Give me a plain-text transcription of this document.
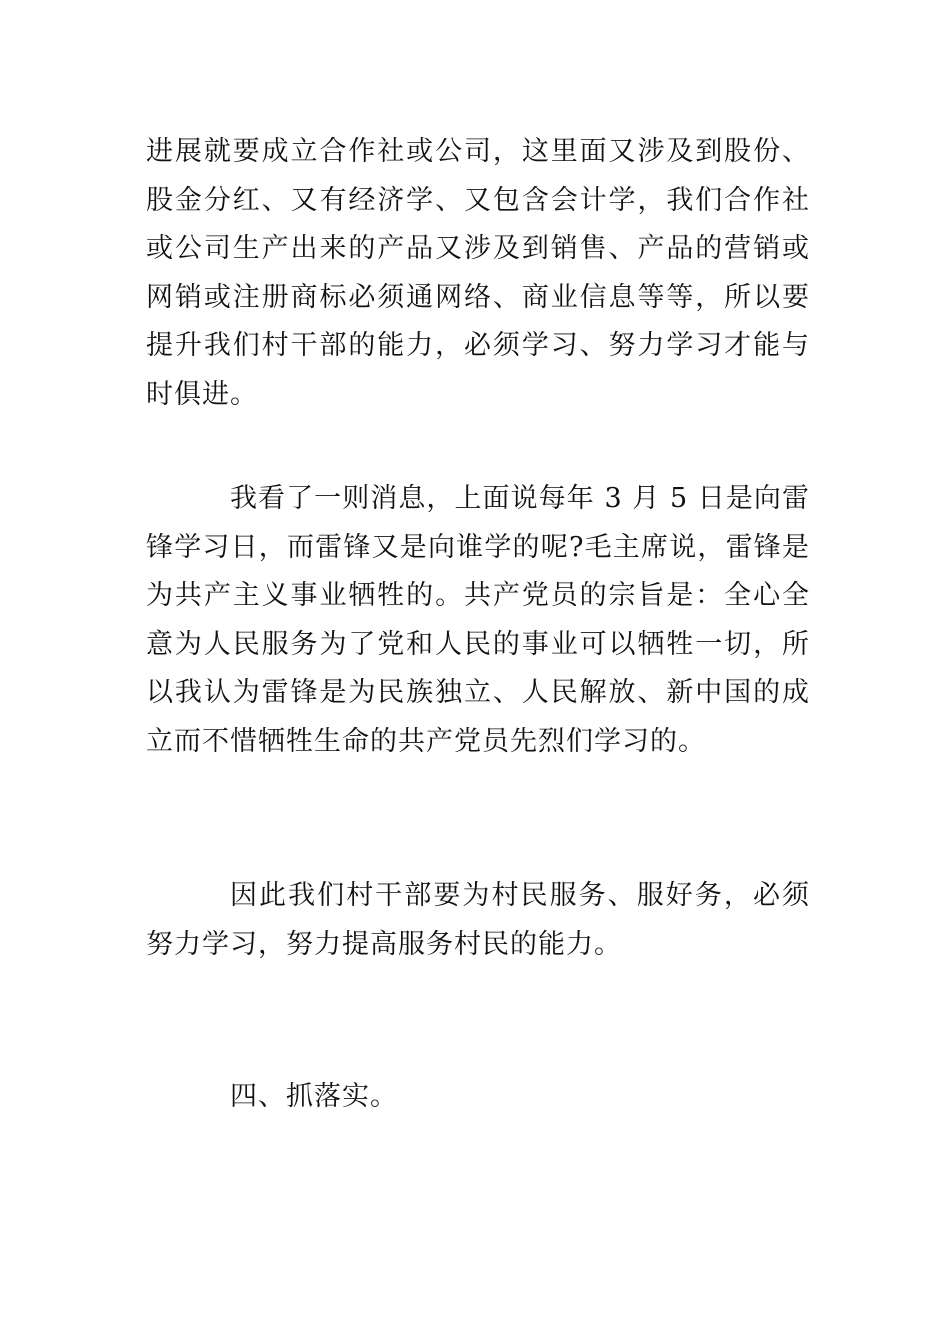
进展就要成立合作社或公司，这里面又涉及到股份、股金分红、又有经济学、又包含会计学，我们合作社或公司生产出来的产品又涉及到销售、产品的营销或网销或注册商标必须通网络、商业信息等等，所以要提升我们村干部的能力，必须学习、努力学习才能与时俱进。

我看了一则消息，上面说每年 3 月 5 日是向雷锋学习日，而雷锋又是向谁学的呢?毛主席说，雷锋是为共产主义事业牺牲的。共产党员的宗旨是：全心全意为人民服务为了党和人民的事业可以牺牲一切，所以我认为雷锋是为民族独立、人民解放、新中国的成立而不惜牺牲生命的共产党员先烈们学习的。

因此我们村干部要为村民服务、服好务，必须努力学习，努力提高服务村民的能力。

四、抓落实。
